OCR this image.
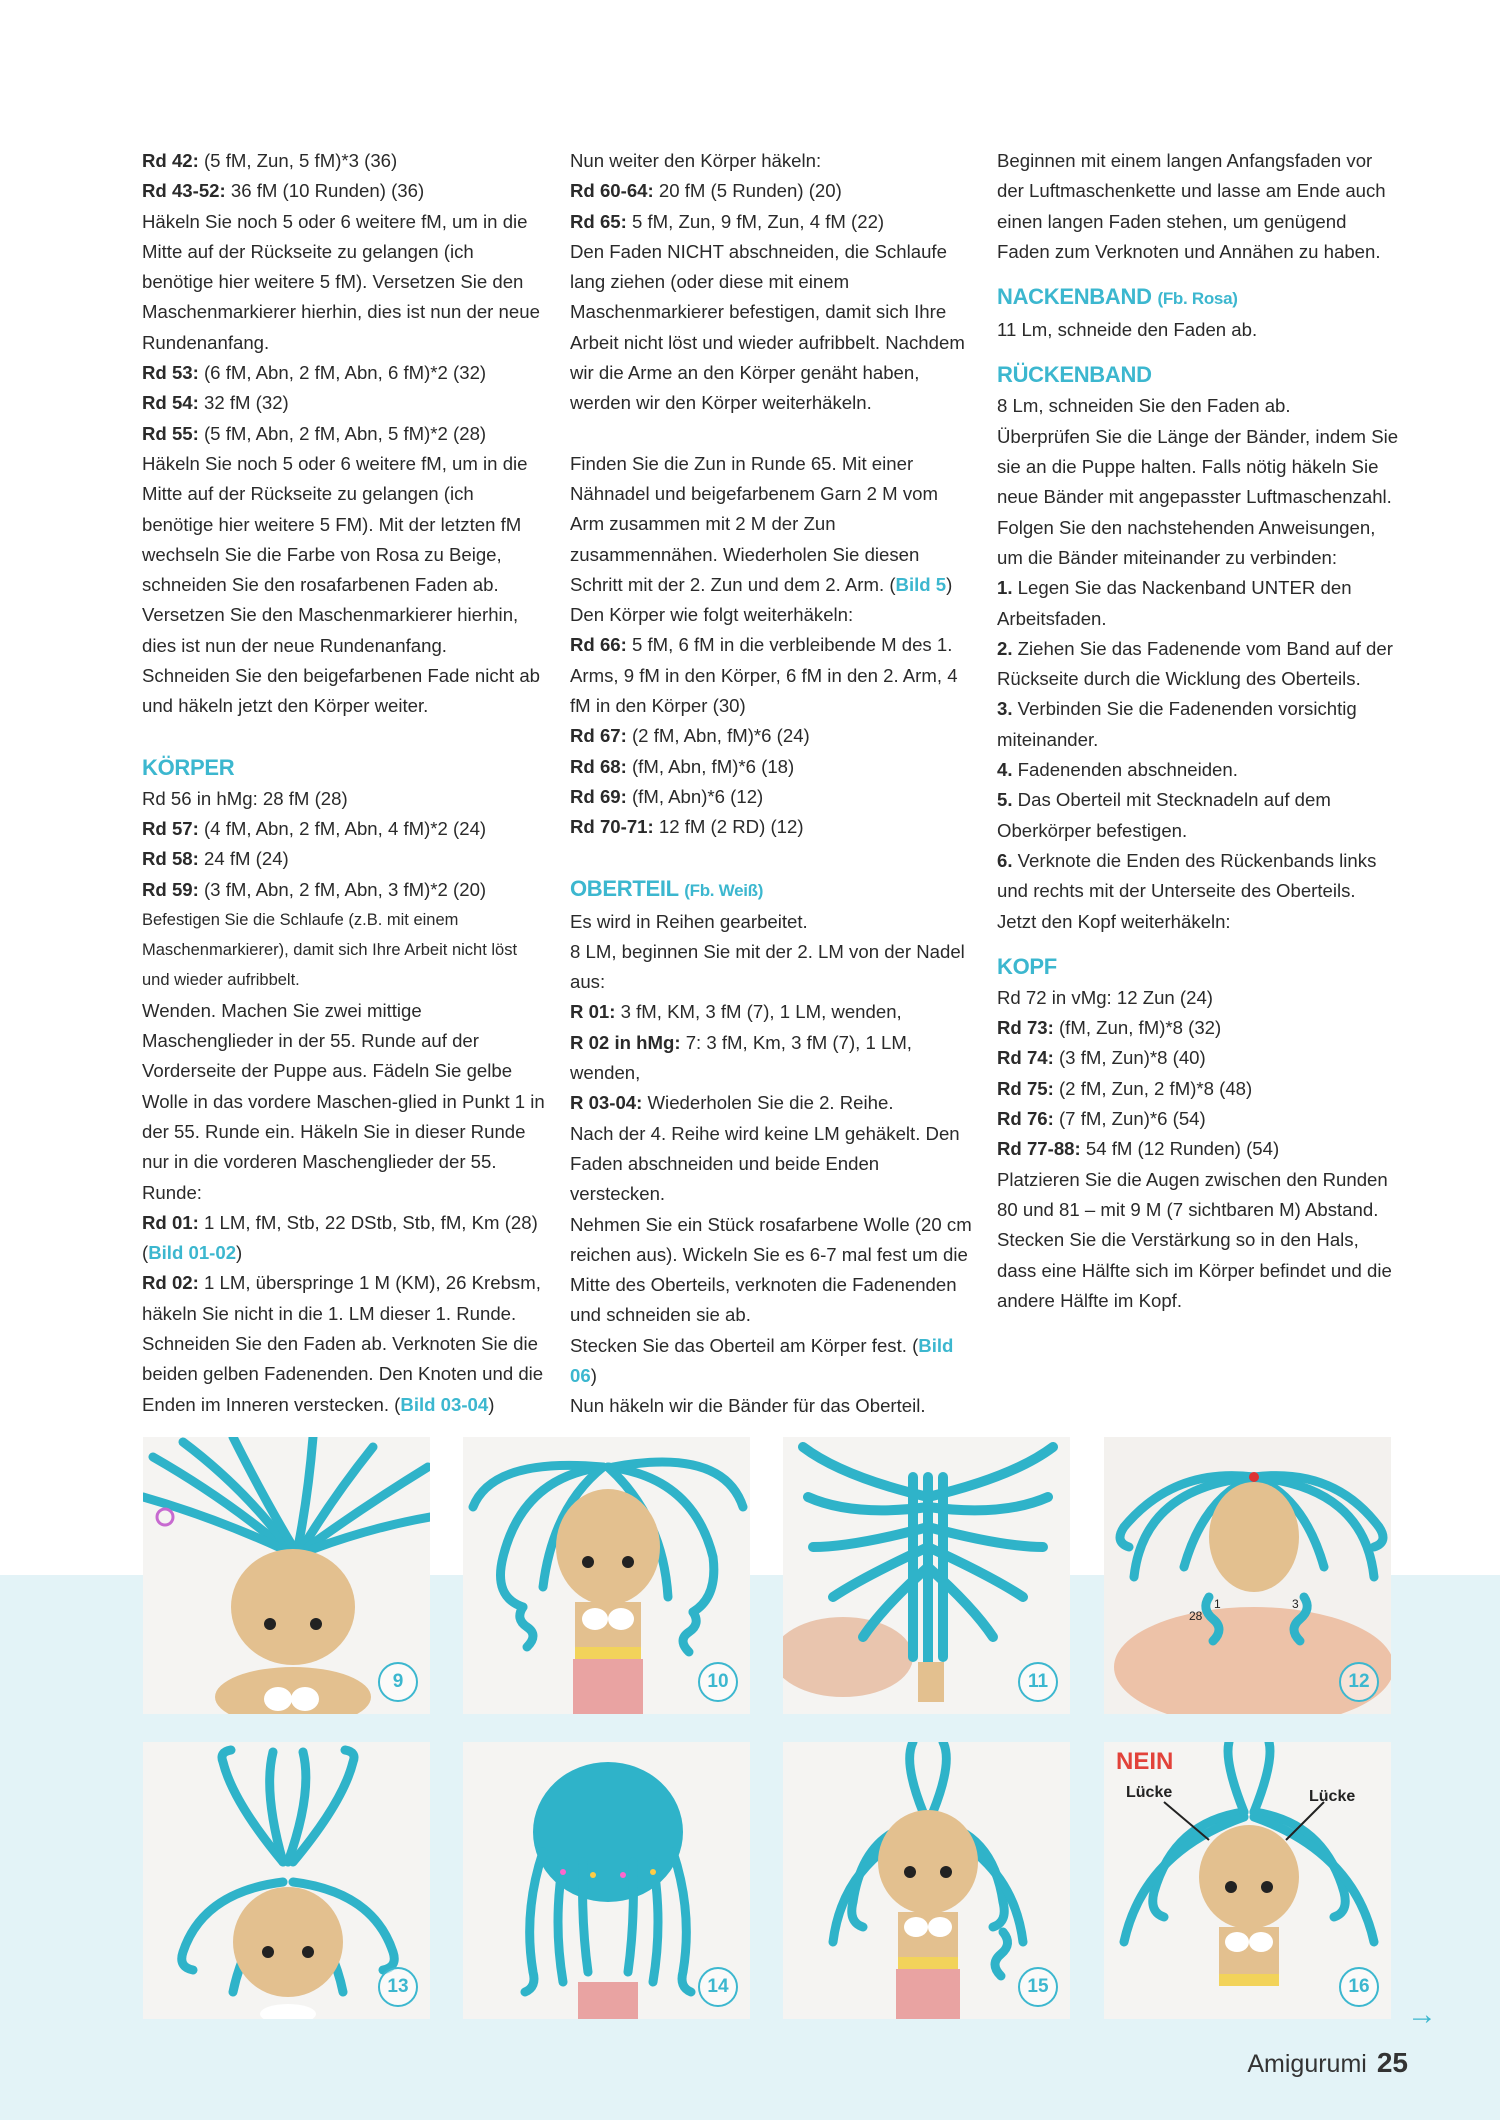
Rd 42: (5 fM, Zun, 5 fM)*3 (36)

Rd 43-52: 36 fM (10 Runden) (36)

Häkeln Sie noch 5 oder 6 weitere fM, um in die Mitte auf der Rückseite zu gelangen (ich benötige hier weitere 5 fM). Versetzen Sie den Maschenmarkierer hierhin, dies ist nun der neue Rundenanfang.

Rd 53: (6 fM, Abn, 2 fM, Abn, 6 fM)*2 (32)

Rd 54: 32 fM (32)

Rd 55: (5 fM, Abn, 2 fM, Abn, 5 fM)*2 (28)

Häkeln Sie noch 5 oder 6 weitere fM, um in die Mitte auf der Rückseite zu gelangen (ich benötige hier weitere 5 FM). Mit der letzten fM wechseln Sie die Farbe von Rosa zu Beige, schneiden Sie den rosafarbenen Faden ab. Versetzen Sie den Maschenmarkierer hierhin, dies ist nun der neue Rundenanfang.

Schneiden Sie den beigefarbenen Fade nicht ab und häkeln jetzt den Körper weiter.

KÖRPER

Rd 56 in hMg: 28 fM (28)

Rd 57: (4 fM, Abn, 2 fM, Abn, 4 fM)*2 (24)

Rd 58: 24 fM (24)

Rd 59: (3 fM, Abn, 2 fM, Abn, 3 fM)*2 (20)

Befestigen Sie die Schlaufe (z.B. mit einem Maschenmarkierer), damit sich Ihre Arbeit nicht löst und wieder aufribbelt.

Wenden. Machen Sie zwei mittige Maschenglieder in der 55. Runde auf der Vorderseite der Puppe aus. Fädeln Sie gelbe Wolle in das vordere Maschen-glied in Punkt 1 in der 55. Runde ein. Häkeln Sie in dieser Runde nur in die vorderen Maschenglieder der 55. Runde:

Rd 01: 1 LM, fM, Stb, 22 DStb, Stb, fM, Km (28)
(Bild 01-02)

Rd 02: 1 LM, überspringe 1 M (KM), 26 Krebsm, häkeln Sie nicht in die 1. LM dieser 1. Runde. Schneiden Sie den Faden ab. Verknoten Sie die beiden gelben Fadenenden. Den Knoten und die Enden im Inneren verstecken. (Bild 03-04)

Nun weiter den Körper häkeln:

Rd 60-64: 20 fM (5 Runden) (20)

Rd 65: 5 fM, Zun, 9 fM, Zun, 4 fM (22)

Den Faden NICHT abschneiden, die Schlaufe lang ziehen (oder diese mit einem Maschenmarkierer befestigen, damit sich Ihre Arbeit nicht löst und wieder aufribbelt. Nachdem wir die Arme an den Körper genäht haben, werden wir den Körper weiterhäkeln.

Finden Sie die Zun in Runde 65. Mit einer Nähnadel und beigefarbenem Garn 2 M vom Arm zusammen mit 2 M der Zun zusammennähen. Wiederholen Sie diesen Schritt mit der 2. Zun und dem 2. Arm. (Bild 5)

Den Körper wie folgt weiterhäkeln:

Rd 66: 5 fM, 6 fM in die verbleibende M des 1. Arms, 9 fM in den Körper, 6 fM in den 2. Arm, 4 fM in den Körper (30)

Rd 67: (2 fM, Abn, fM)*6 (24)

Rd 68: (fM, Abn, fM)*6 (18)

Rd 69: (fM, Abn)*6 (12)

Rd 70-71: 12 fM (2 RD) (12)

OBERTEIL (Fb. Weiß)

Es wird in Reihen gearbeitet.

8 LM, beginnen Sie mit der 2. LM von der Nadel aus:

R 01: 3 fM, KM, 3 fM (7), 1 LM, wenden,

R 02 in hMg: 7: 3 fM, Km, 3 fM (7), 1 LM, wenden,

R 03-04: Wiederholen Sie die 2. Reihe.

Nach der 4. Reihe wird keine LM gehäkelt. Den Faden abschneiden und beide Enden verstecken.

Nehmen Sie ein Stück rosafarbene Wolle (20 cm reichen aus). Wickeln Sie es 6-7 mal fest um die Mitte des Oberteils, verknoten die Fadenenden und schneiden sie ab.

Stecken Sie das Oberteil am Körper fest. (Bild 06)

Nun häkeln wir die Bänder für das Oberteil.

Beginnen mit einem langen Anfangsfaden vor der Luftmaschenkette und lasse am Ende auch einen langen Faden stehen, um genügend Faden zum Verknoten und Annähen zu haben.

NACKENBAND (Fb. Rosa)

11 Lm, schneide den Faden ab.

RÜCKENBAND

8 Lm, schneiden Sie den Faden ab.

Überprüfen Sie die Länge der Bänder, indem Sie sie an die Puppe halten. Falls nötig häkeln Sie neue Bänder mit angepasster Luftmaschenzahl.

Folgen Sie den nachstehenden Anweisungen, um die Bänder miteinander zu verbinden:

1. Legen Sie das Nackenband UNTER den Arbeitsfaden.

2. Ziehen Sie das Fadenende vom Band auf der Rückseite durch die Wicklung des Oberteils.

3. Verbinden Sie die Fadenenden vorsichtig miteinander.

4. Fadenenden abschneiden.

5. Das Oberteil mit Stecknadeln auf dem Oberkörper befestigen.

6. Verknote die Enden des Rückenbands links und rechts mit der Unterseite des Oberteils.

Jetzt den Kopf weiterhäkeln:

KOPF

Rd 72 in vMg: 12 Zun (24)

Rd 73: (fM, Zun, fM)*8 (32)

Rd 74: (3 fM, Zun)*8 (40)

Rd 75: (2 fM, Zun, 2 fM)*8 (48)

Rd 76: (7 fM, Zun)*6 (54)

Rd 77-88: 54 fM (12 Runden) (54)

Platzieren Sie die Augen zwischen den Runden 80 und 81 – mit 9 M (7 sichtbaren M) Abstand. Stecken Sie die Verstärkung so in den Hals, dass eine Hälfte sich im Körper befindet und die andere Hälfte im Kopf.

9	10	11
28
1	3
12
13	14	15
NEIN
Lücke	Lücke
16
→
Amigurumi 25
